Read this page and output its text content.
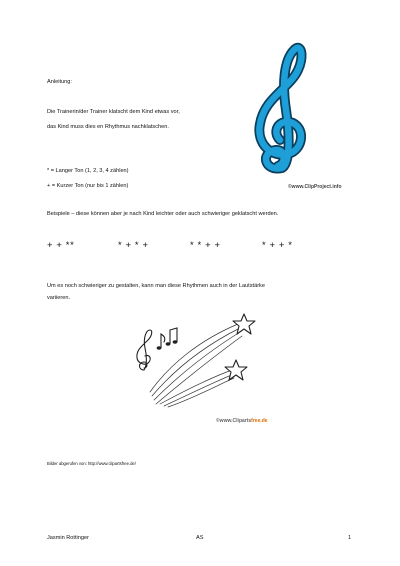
Anleitung:
Die Trainerin/der Trainer klatscht dem Kind etwas vor,
das Kind muss dies en Rhythmus nachklatschen.
* = Langer Ton (1, 2, 3, 4 zählen)
+ = Kurzer Ton (nur bis 1 zählen)	©www.ClipProject.info
Beispiele – diese können aber je nach Kind leichter oder auch schwieriger geklatscht werden.
+ + **	* + * +	* * + +	* + + *
Um es noch schwieriger zu gestalten, kann man diese Rhythmen auch in der Lautstärke
variieren.
©www.Clipartsfree.de
Bilder abgerufen von: http://www.clipartsfree.de/
Jasmin Rottinger	AS	1
